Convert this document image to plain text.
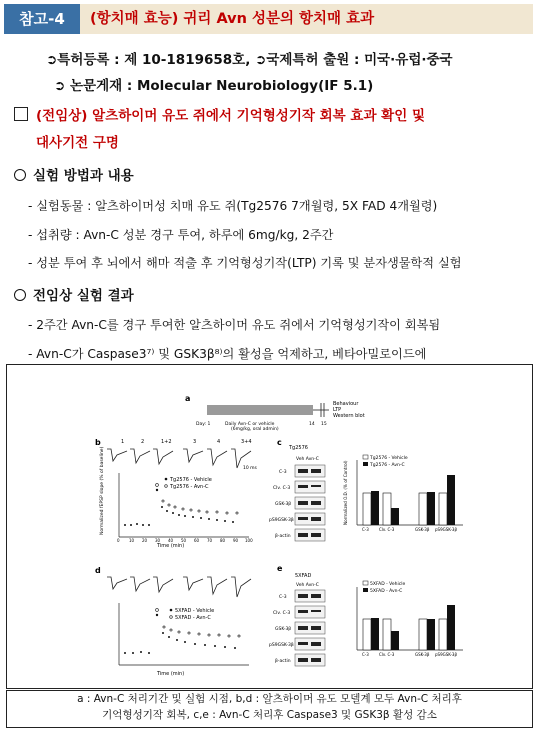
참고-4	(항치매 효능) 귀리 Avn 성분의 항치매 효과
➲특허등록 : 제 10-1819658호, ➲국제특허 출원 : 미국·유럽·중국
➲ 논문게재 : Molecular Neurobiology(IF 5.1)
(전임상) 알츠하이머 유도 쥐에서 기억형성기작 회복 효과 확인 및
대사기전 구명
실험 방법과 내용
- 실험동물 : 알츠하이머성 치매 유도 쥐(Tg2576 7개월령, 5X FAD 4개월령)
- 섭취량 : Avn-C 성분 경구 투여, 하루에 6mg/kg, 2주간
- 성분 투여 후 뇌에서 해마 적출 후 기억형성기작(LTP) 기록 및 분자생물학적 실험
전임상 실험 결과
- 2주간 Avn-C를 경구 투여한 알츠하이머 유도 쥐에서 기억형성기작이 회복됨
- Avn-C가 Caspase3⁷⁾ 및 GSK3β⁸⁾의 활성을 억제하고, 베타아밀로이드에
a
Day: 1	Daily Avn-C or vehicle
(6mg/kg, oral admin)
14 15
Behaviour
LTP
Western blot
b	1	2	1+2	3	4	3+4
10 ms
Tg2576 - Vehicle
Tg2576 - Avn-C
Time (min)
Normalized fEPSP slope (% of baseline)
0 10 20 30 40 50 60 70 80 90 100
c
Tg2576
Veh Avn-C
C-3
Clv. C-3
GSK-3β
pS9GSK-3β
β-actin
Tg2576 - Vehicle
Tg2576 - Avn-C
Normalized O.D. (% of Control)
C-3	Clv. C-3	GSK-3β pS9GSK-3β
d
5XFAD - Vehicle
5XFAD - Avn-C
Time (min)
e
5XFAD
Veh Avn-C
C-3
Clv. C-3
GSK-3β
pS9GSK-3β
β-actin
5XFAD - Vehicle
5XFAD - Avn-C
C-3	Clv. C-3	GSK-3β pS9GSK-3β
a : Avn-C 처리기간 및 실험 시점, b,d : 알츠하이머 유도 모델계 모두 Avn-C 처리후
기억형성기작 회복, c,e : Avn-C 처리후 Caspase3 및 GSK3β 활성 감소
